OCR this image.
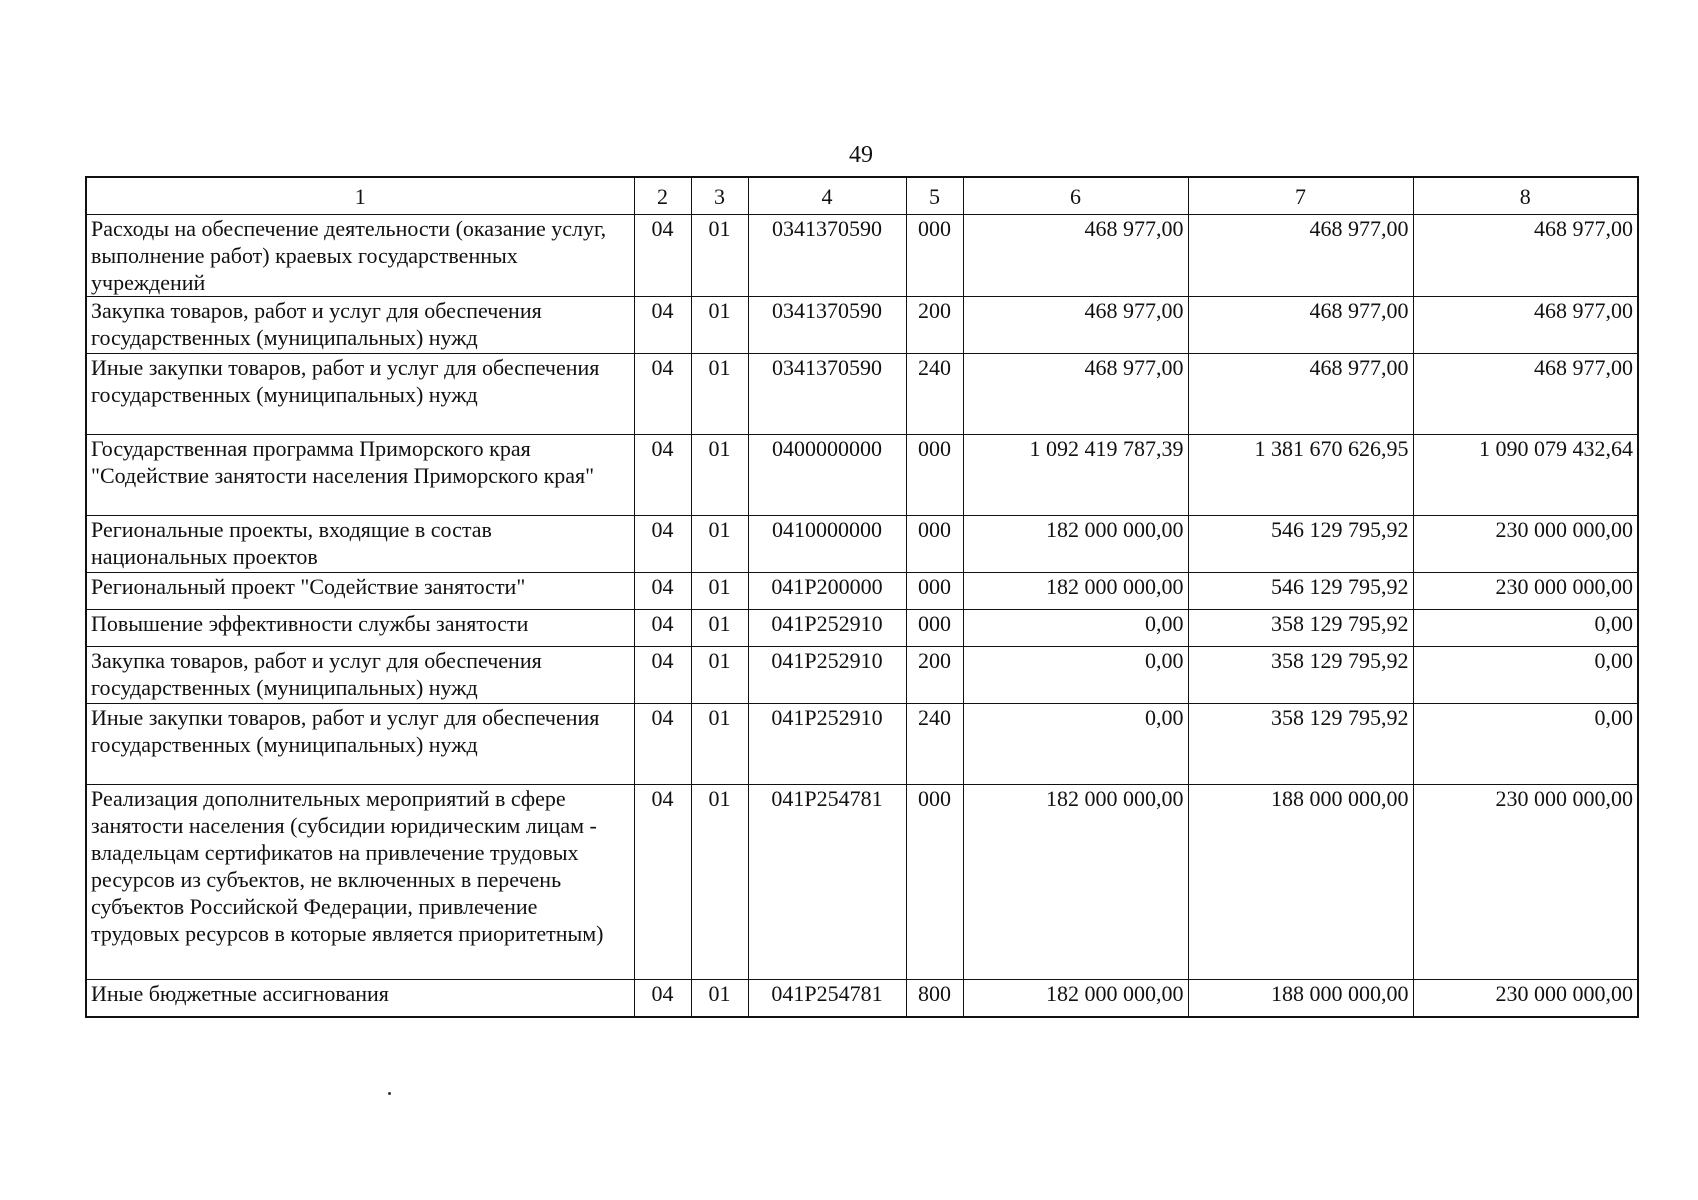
49
1	2	3	4	5	6	7	8
Расходы на обеспечение деятельности (оказание услуг, выполнение работ) краевых государственных учреждений	04	01	0341370590	000	468 977,00	468 977,00	468 977,00
Закупка товаров, работ и услуг для обеспечения государственных (муниципальных) нужд	04	01	0341370590	200	468 977,00	468 977,00	468 977,00
Иные закупки товаров, работ и услуг для обеспечения государственных (муниципальных) нужд	04	01	0341370590	240	468 977,00	468 977,00	468 977,00
Государственная программа Приморского края "Содействие занятости населения Приморского края"	04	01	0400000000	000	1 092 419 787,39	1 381 670 626,95	1 090 079 432,64
Региональные проекты, входящие в состав национальных проектов	04	01	0410000000	000	182 000 000,00	546 129 795,92	230 000 000,00
Региональный проект "Содействие занятости"	04	01	041P200000	000	182 000 000,00	546 129 795,92	230 000 000,00
Повышение эффективности службы занятости	04	01	041P252910	000	0,00	358 129 795,92	0,00
Закупка товаров, работ и услуг для обеспечения государственных (муниципальных) нужд	04	01	041P252910	200	0,00	358 129 795,92	0,00
Иные закупки товаров, работ и услуг для обеспечения государственных (муниципальных) нужд	04	01	041P252910	240	0,00	358 129 795,92	0,00
Реализация дополнительных мероприятий в сфере занятости населения (субсидии юридическим лицам - владельцам сертификатов на привлечение трудовых ресурсов из субъектов, не включенных в перечень субъектов Российской Федерации, привлечение трудовых ресурсов в которые является приоритетным)	04	01	041P254781	000	182 000 000,00	188 000 000,00	230 000 000,00
Иные бюджетные ассигнования	04	01	041P254781	800	182 000 000,00	188 000 000,00	230 000 000,00
